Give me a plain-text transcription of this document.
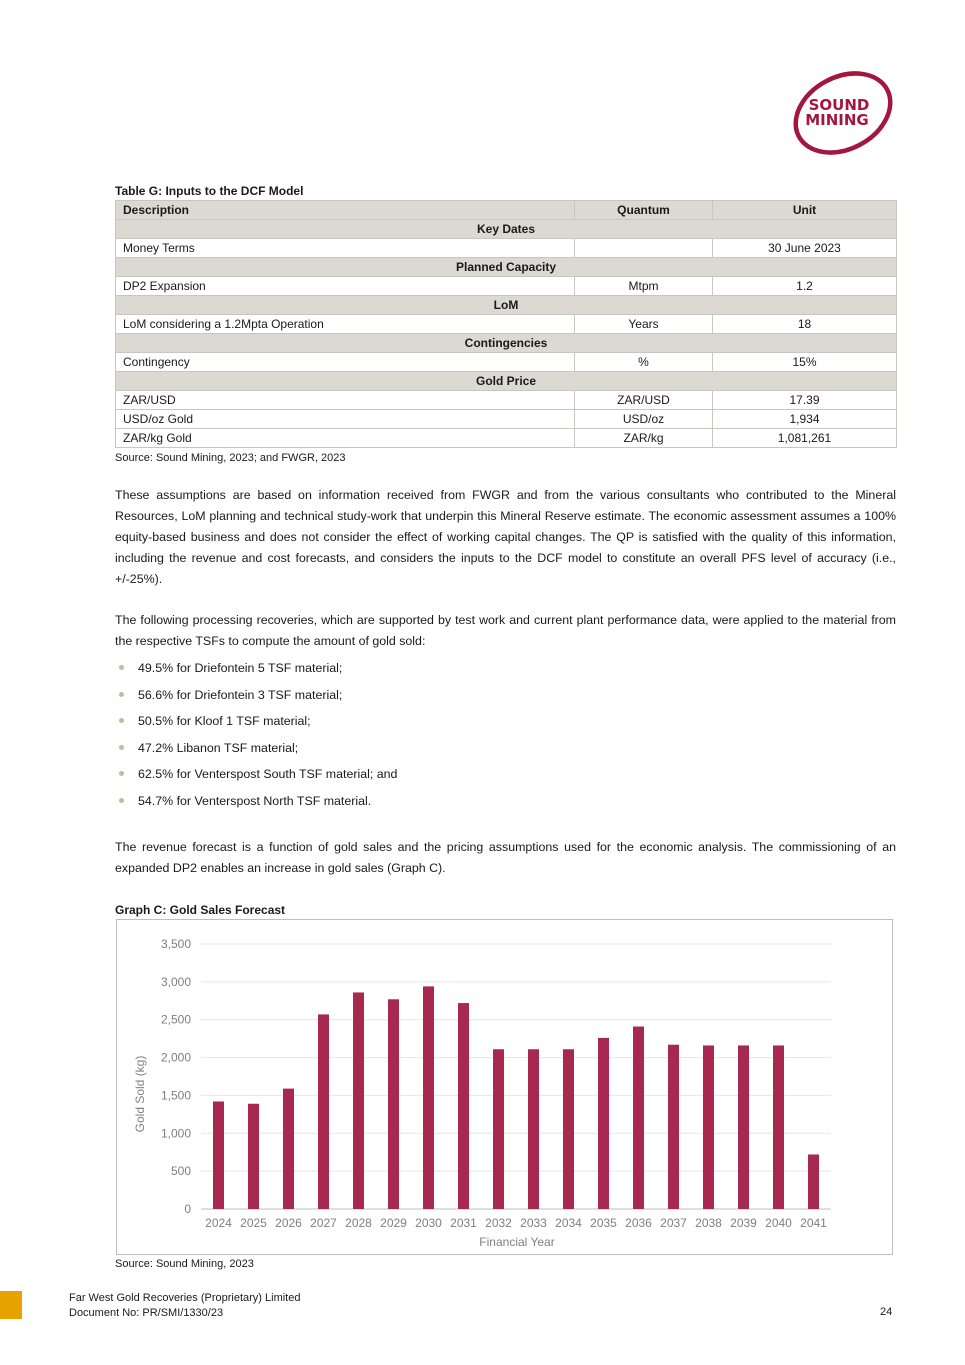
SOUND
MINING
Table G: Inputs to the DCF Model
Description	Quantum	Unit
Key Dates		
Money Terms		30 June 2023
Planned Capacity		
DP2 Expansion	Mtpm	1.2
LoM		
LoM considering a 1.2Mpta Operation	Years	18
Contingencies		
Contingency	%	15%
Gold Price		
ZAR/USD	ZAR/USD	17.39
USD/oz Gold	USD/oz	1,934
ZAR/kg Gold	ZAR/kg	1,081,261
Source: Sound Mining, 2023; and FWGR, 2023

These assumptions are based on information received from FWGR and from the various consultants who contributed to the Mineral Resources, LoM planning and technical study-work that underpin this Mineral Reserve estimate. The economic assessment assumes a 100% equity-based business and does not consider the effect of working capital changes. The QP is satisfied with the quality of this information, including the revenue and cost forecasts, and considers the inputs to the DCF model to constitute an overall PFS level of accuracy (i.e., +/-25%).

The following processing recoveries, which are supported by test work and current plant performance data, were applied to the material from the respective TSFs to compute the amount of gold sold:

49.5% for Driefontein 5 TSF material;
56.6% for Driefontein 3 TSF material;
50.5% for Kloof 1 TSF material;
47.2% Libanon TSF material;
62.5% for Venterspost South TSF material; and
54.7% for Venterspost North TSF material.

The revenue forecast is a function of gold sales and the pricing assumptions used for the economic analysis. The commissioning of an expanded DP2 enables an increase in gold sales (Graph C).

Graph C: Gold Sales Forecast
0
500
1,000
1,500
2,000
2,500
3,000
3,500
2024 2025 2026 2027 2028 2029 2030 2031 2032 2033 2034 2035 2036 2037 2038 2039 2040 2041
Gold Sold (kg)
Financial Year
Source: Sound Mining, 2023
Far West Gold Recoveries (Proprietary) Limited
Document No: PR/SMI/1330/23	24
